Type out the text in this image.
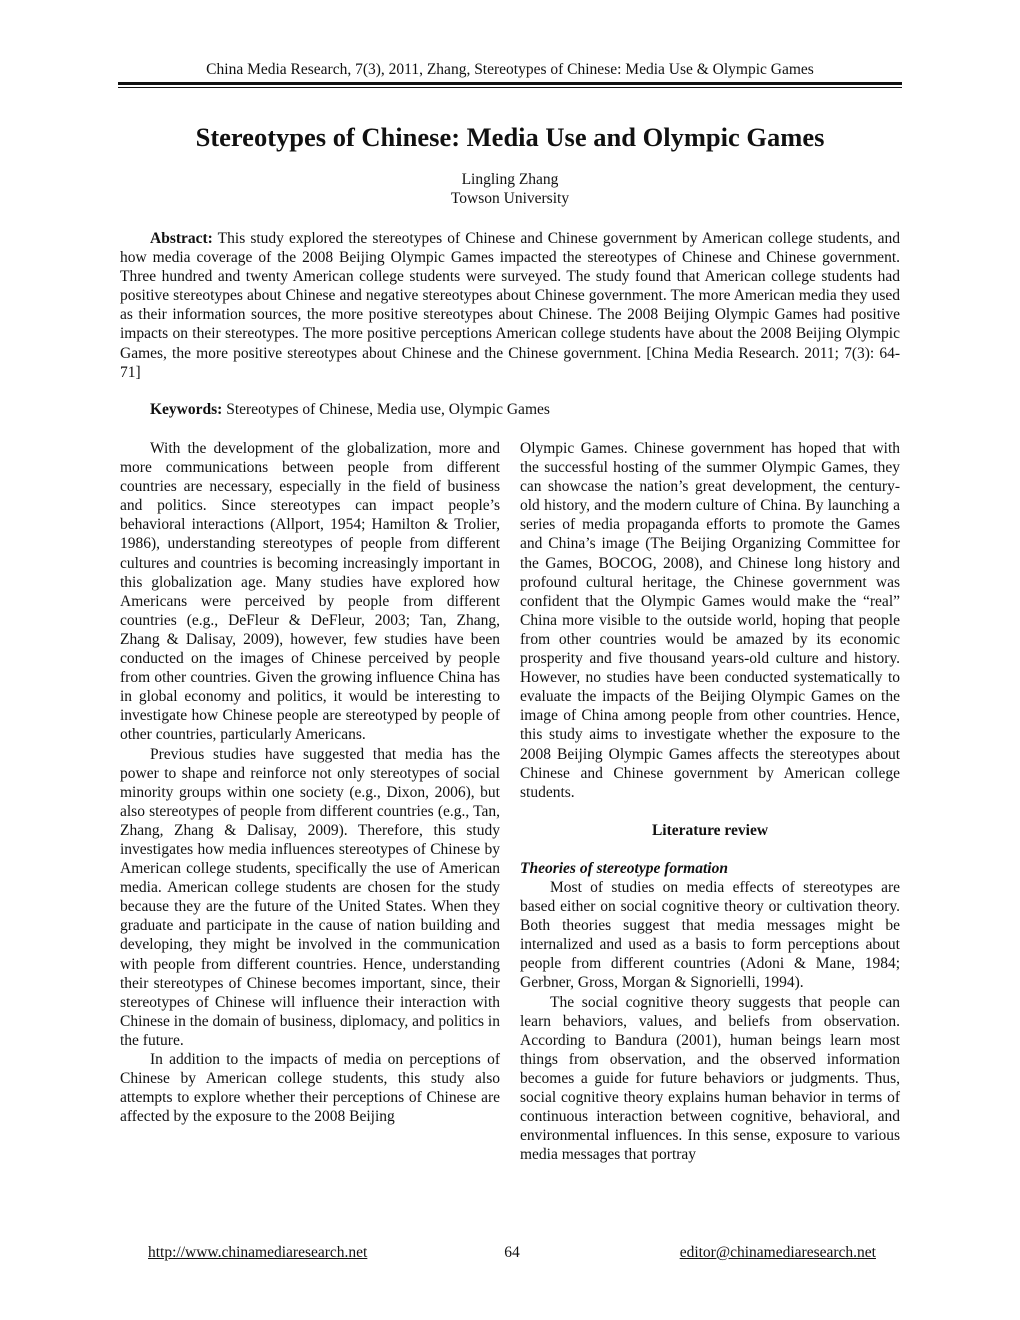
China Media Research, 7(3), 2011, Zhang, Stereotypes of Chinese: Media Use & Olympic Games
Stereotypes of Chinese: Media Use and Olympic Games
Lingling Zhang
Towson University

Abstract: This study explored the stereotypes of Chinese and Chinese government by American college students, and how media coverage of the 2008 Beijing Olympic Games impacted the stereotypes of Chinese and Chinese government. Three hundred and twenty American college students were surveyed. The study found that American college students had positive stereotypes about Chinese and negative stereotypes about Chinese government. The more American media they used as their information sources, the more positive stereotypes about Chinese. The 2008 Beijing Olympic Games had positive impacts on their stereotypes. The more positive perceptions American college students have about the 2008 Beijing Olympic Games, the more positive stereotypes about Chinese and the Chinese government. [China Media Research. 2011; 7(3): 64-71]

Keywords: Stereotypes of Chinese, Media use, Olympic Games

With the development of the globalization, more and more communications between people from different countries are necessary, especially in the field of business and politics. Since stereotypes can impact people’s behavioral interactions (Allport, 1954; Hamilton & Trolier, 1986), understanding stereotypes of people from different cultures and countries is becoming increasingly important in this globalization age. Many studies have explored how Americans were perceived by people from different countries (e.g., DeFleur & DeFleur, 2003; Tan, Zhang, Zhang & Dalisay, 2009), however, few studies have been conducted on the images of Chinese perceived by people from other countries. Given the growing influence China has in global economy and politics, it would be interesting to investigate how Chinese people are stereotyped by people of other countries, particularly Americans.

Previous studies have suggested that media has the power to shape and reinforce not only stereotypes of social minority groups within one society (e.g., Dixon, 2006), but also stereotypes of people from different countries (e.g., Tan, Zhang, Zhang & Dalisay, 2009). Therefore, this study investigates how media influences stereotypes of Chinese by American college students, specifically the use of American media. American college students are chosen for the study because they are the future of the United States. When they graduate and participate in the cause of nation building and developing, they might be involved in the communication with people from different countries. Hence, understanding their stereotypes of Chinese becomes important, since, their stereotypes of Chinese will influence their interaction with Chinese in the domain of business, diplomacy, and politics in the future.

In addition to the impacts of media on perceptions of Chinese by American college students, this study also attempts to explore whether their perceptions of Chinese are affected by the exposure to the 2008 Beijing

Olympic Games. Chinese government has hoped that with the successful hosting of the summer Olympic Games, they can showcase the nation’s great development, the century-old history, and the modern culture of China. By launching a series of media propaganda efforts to promote the Games and China’s image (The Beijing Organizing Committee for the Games, BOCOG, 2008), and Chinese long history and profound cultural heritage, the Chinese government was confident that the Olympic Games would make the “real” China more visible to the outside world, hoping that people from other countries would be amazed by its economic prosperity and five thousand years-old culture and history. However, no studies have been conducted systematically to evaluate the impacts of the Beijing Olympic Games on the image of China among people from other countries. Hence, this study aims to investigate whether the exposure to the 2008 Beijing Olympic Games affects the stereotypes about Chinese and Chinese government by American college students.

Literature review

Theories of stereotype formation

Most of studies on media effects of stereotypes are based either on social cognitive theory or cultivation theory. Both theories suggest that media messages might be internalized and used as a basis to form perceptions about people from different countries (Adoni & Mane, 1984; Gerbner, Gross, Morgan & Signorielli, 1994).

The social cognitive theory suggests that people can learn behaviors, values, and beliefs from observation. According to Bandura (2001), human beings learn most things from observation, and the observed information becomes a guide for future behaviors or judgments. Thus, social cognitive theory explains human behavior in terms of continuous interaction between cognitive, behavioral, and environmental influences. In this sense, exposure to various media messages that portray

http://www.chinamediaresearch.net	64	editor@chinamediaresearch.net
